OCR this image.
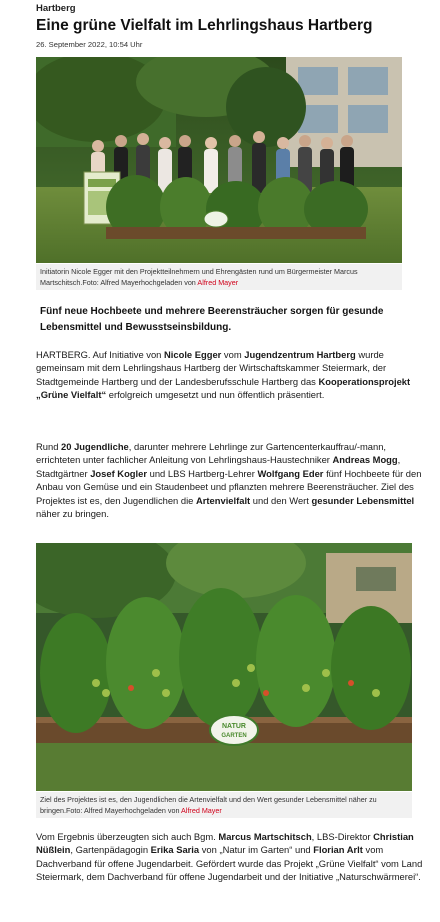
Hartberg
Eine grüne Vielfalt im Lehrlingshaus Hartberg
26. September 2022, 10:54 Uhr
Initiatorin Nicole Egger mit den Projektteilnehmern und Ehrengästen rund um Bürgermeister Marcus Martschitsch.Foto: Alfred Mayerhochgeladen von Alfred Mayer
Fünf neue Hochbeete und mehrere Beerensträucher sorgen für gesunde Lebensmittel und Bewusstseinsbildung.
HARTBERG. Auf Initiative von Nicole Egger vom Jugendzentrum Hartberg wurde gemeinsam mit dem Lehrlingshaus Hartberg der Wirtschaftskammer Steiermark, der Stadtgemeinde Hartberg und der Landesberufsschule Hartberg das Kooperationsprojekt „Grüne Vielfalt“ erfolgreich umgesetzt und nun öffentlich präsentiert.
Rund 20 Jugendliche, darunter mehrere Lehrlinge zur Gartencenterkauffrau/-mann, errichteten unter fachlicher Anleitung von Lehrlingshaus-Haustechniker Andreas Mogg, Stadtgärtner Josef Kogler und LBS Hartberg-Lehrer Wolfgang Eder fünf Hochbeete für den Anbau von Gemüse und ein Staudenbeet und pflanzten mehrere Beerensträucher. Ziel des Projektes ist es, den Jugendlichen die Artenvielfalt und den Wert gesunder Lebensmittel näher zu bringen.
NATUR
GARTEN
Ziel des Projektes ist es, den Jugendlichen die Artenvielfalt und den Wert gesunder Lebensmittel näher zu bringen.Foto: Alfred Mayerhochgeladen von Alfred Mayer
Vom Ergebnis überzeugten sich auch Bgm. Marcus Martschitsch, LBS-Direktor Christian Nüßlein, Gartenpädagogin Erika Saria von „Natur im Garten“ und Florian Arlt vom Dachverband für offene Jugendarbeit. Gefördert wurde das Projekt „Grüne Vielfalt“ vom Land Steiermark, dem Dachverband für offene Jugendarbeit und der Initiative „Naturschwärmerei“.
